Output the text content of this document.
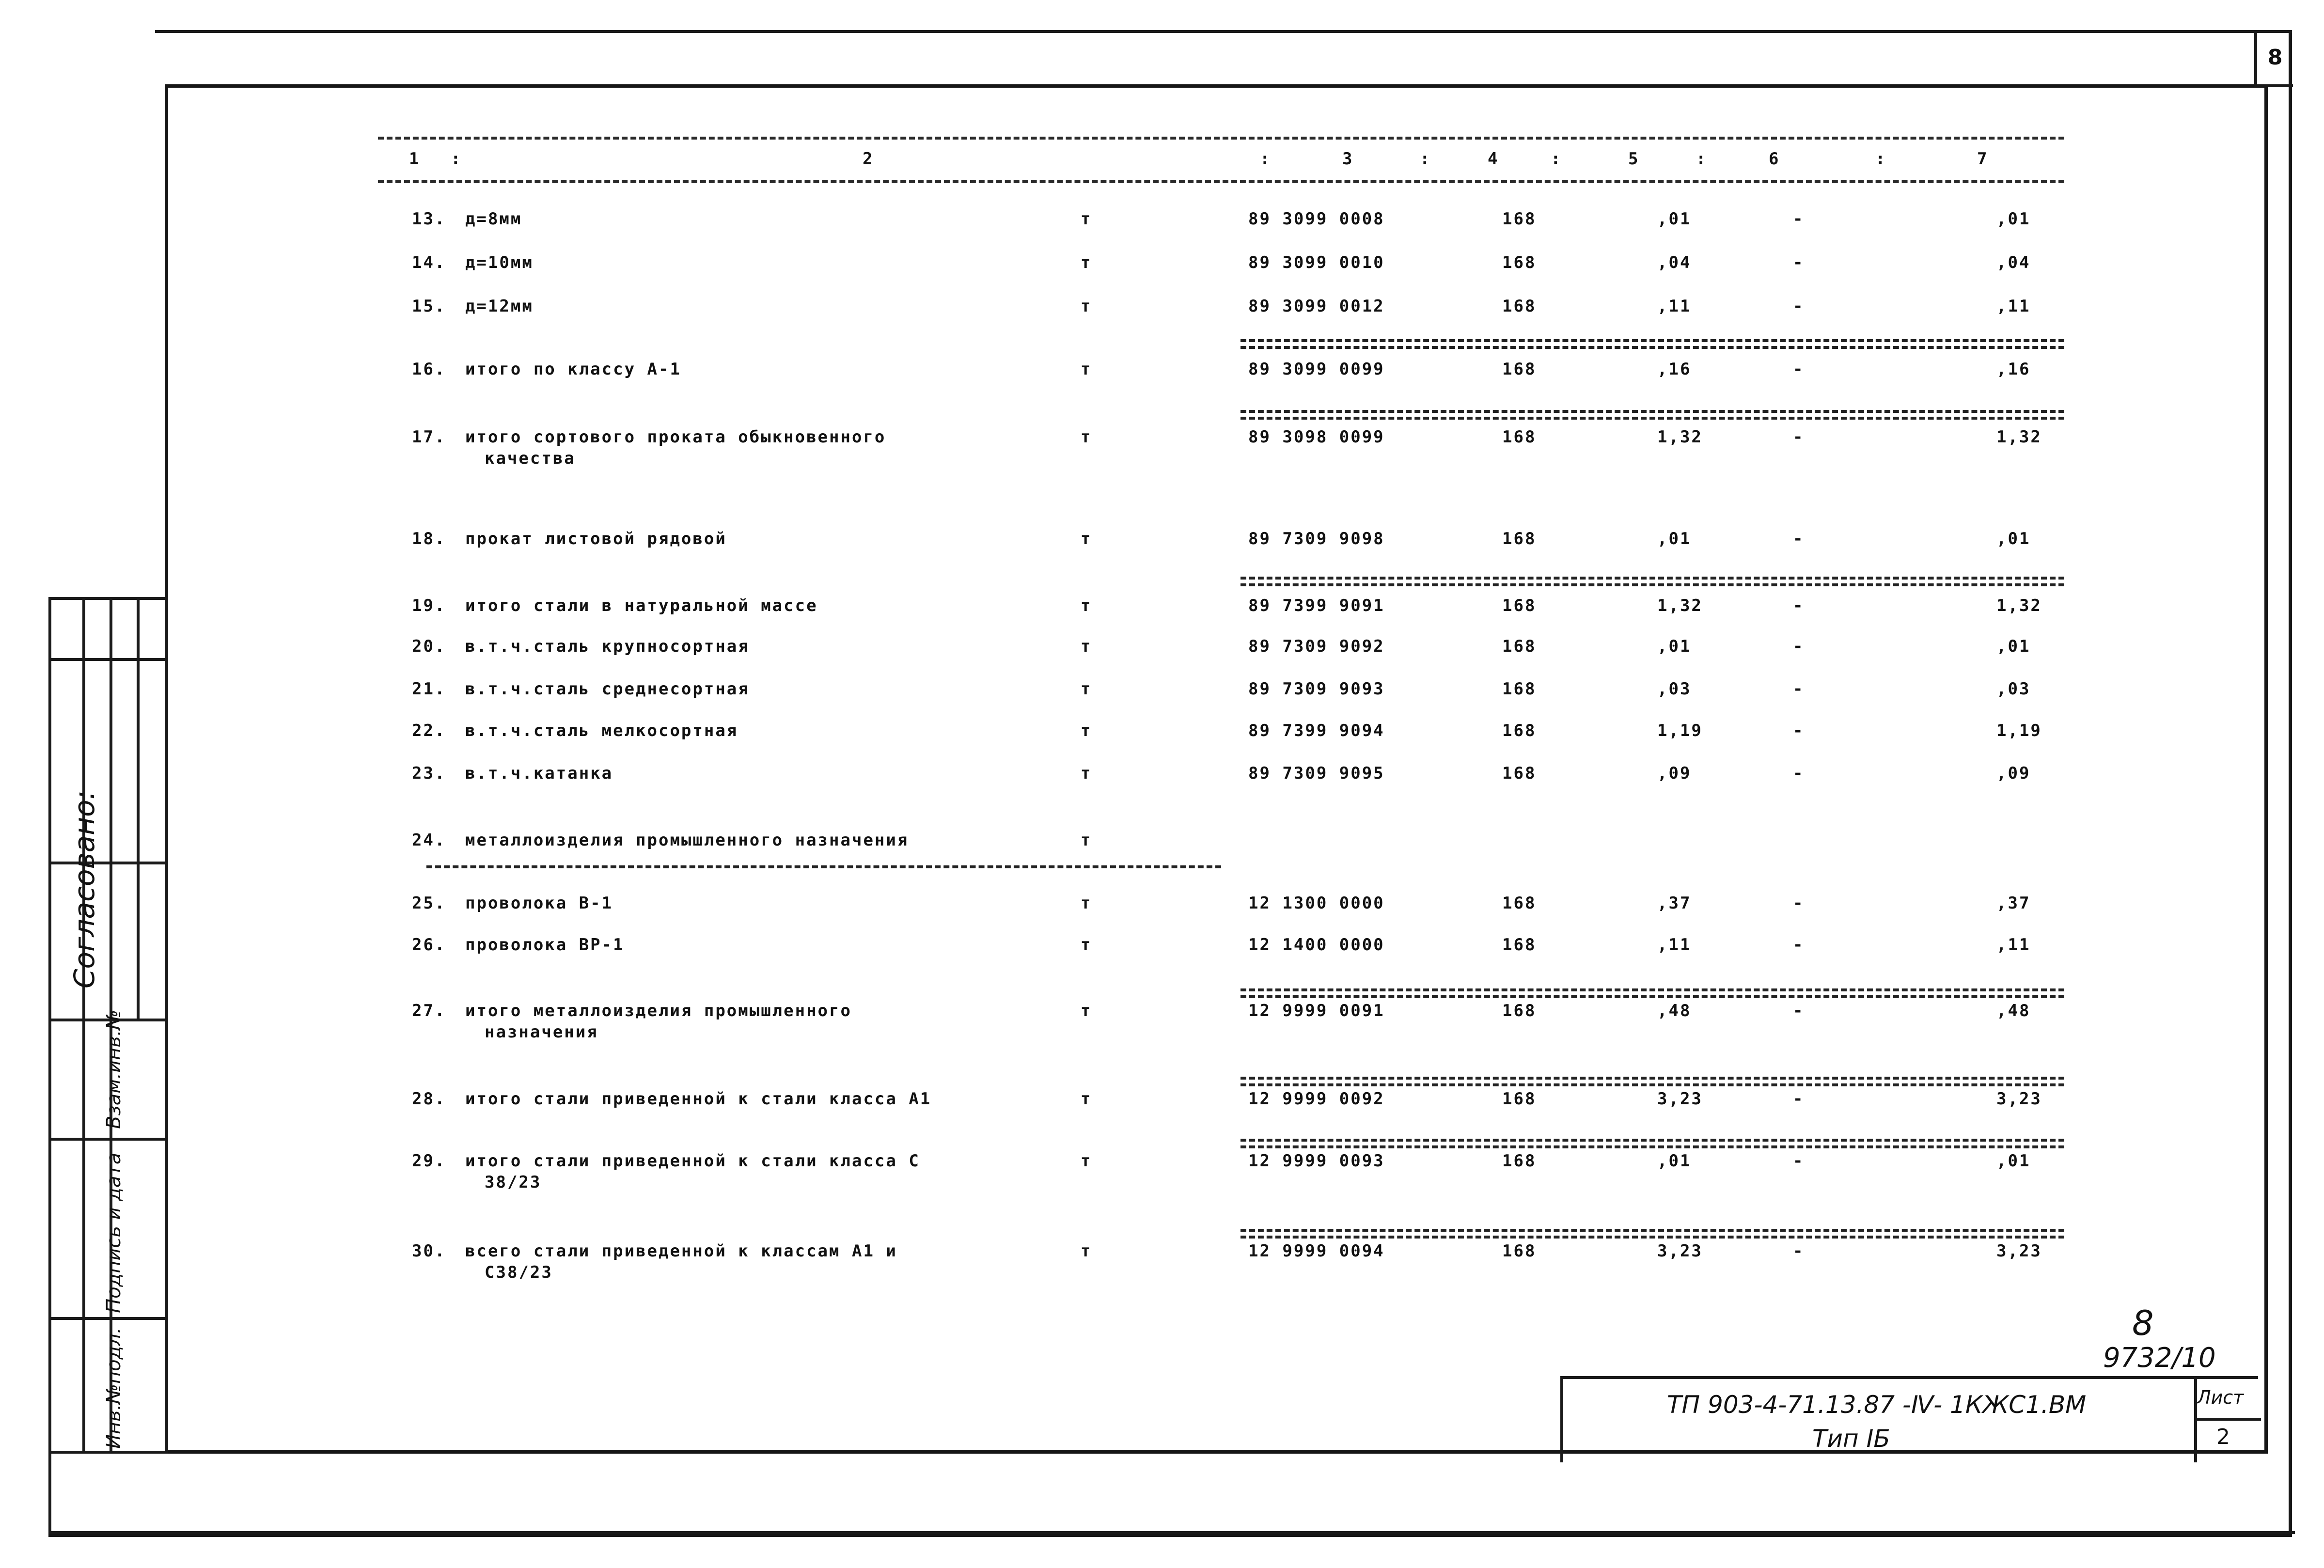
8
1 :	2	:	3	:	4	:	5	:	6	:	7
13. д=8мм	т	89 3099 0008	168	,01	-	,01
14. д=10мм	т	89 3099 0010	168	,04	-	,04
15. д=12мм	т	89 3099 0012	168	,11	-	,11
16. итого по классу А-1	т	89 3099 0099	168	,16	-	,16
17. итого сортового проката обыкновенного	т	89 3098 0099	168	1,32	-	1,32
качества
18. прокат листовой рядовой	т	89 7309 9098	168	,01	-	,01
19. итого стали в натуральной массе	т	89 7399 9091	168	1,32	-	1,32
20. в.т.ч.сталь крупносортная	т	89 7309 9092	168	,01	-	,01
21. в.т.ч.сталь среднесортная	т	89 7309 9093	168	,03	-	,03
22. в.т.ч.сталь мелкосортная	т	89 7399 9094	168	1,19	-	1,19
23. в.т.ч.катанка	т	89 7309 9095	168	,09	-	,09
24. металлоизделия промышленного назначения	т
25. проволока В-1	т	12 1300 0000	168	,37	-	,37
26. проволока ВР-1	т	12 1400 0000	168	,11	-	,11
27. итого металлоизделия промышленного	т	12 9999 0091	168	,48	-	,48
назначения
28. итого стали приведенной к стали класса А1	т	12 9999 0092	168	3,23	-	3,23
29. итого стали приведенной к стали класса С	т	12 9999 0093	168	,01	-	,01
38/23
30. всего стали приведенной к классам А1 и	т	12 9999 0094	168	3,23	-	3,23
С38/23
Согласовано:
Взам.инв.№
Подпись и дата
Инв.№подл.
8
9732/10
ТП 903-4-71.13.87 -Ⅳ- 1КЖС1.ВМ
Тип ⅠБ
Лист
2
